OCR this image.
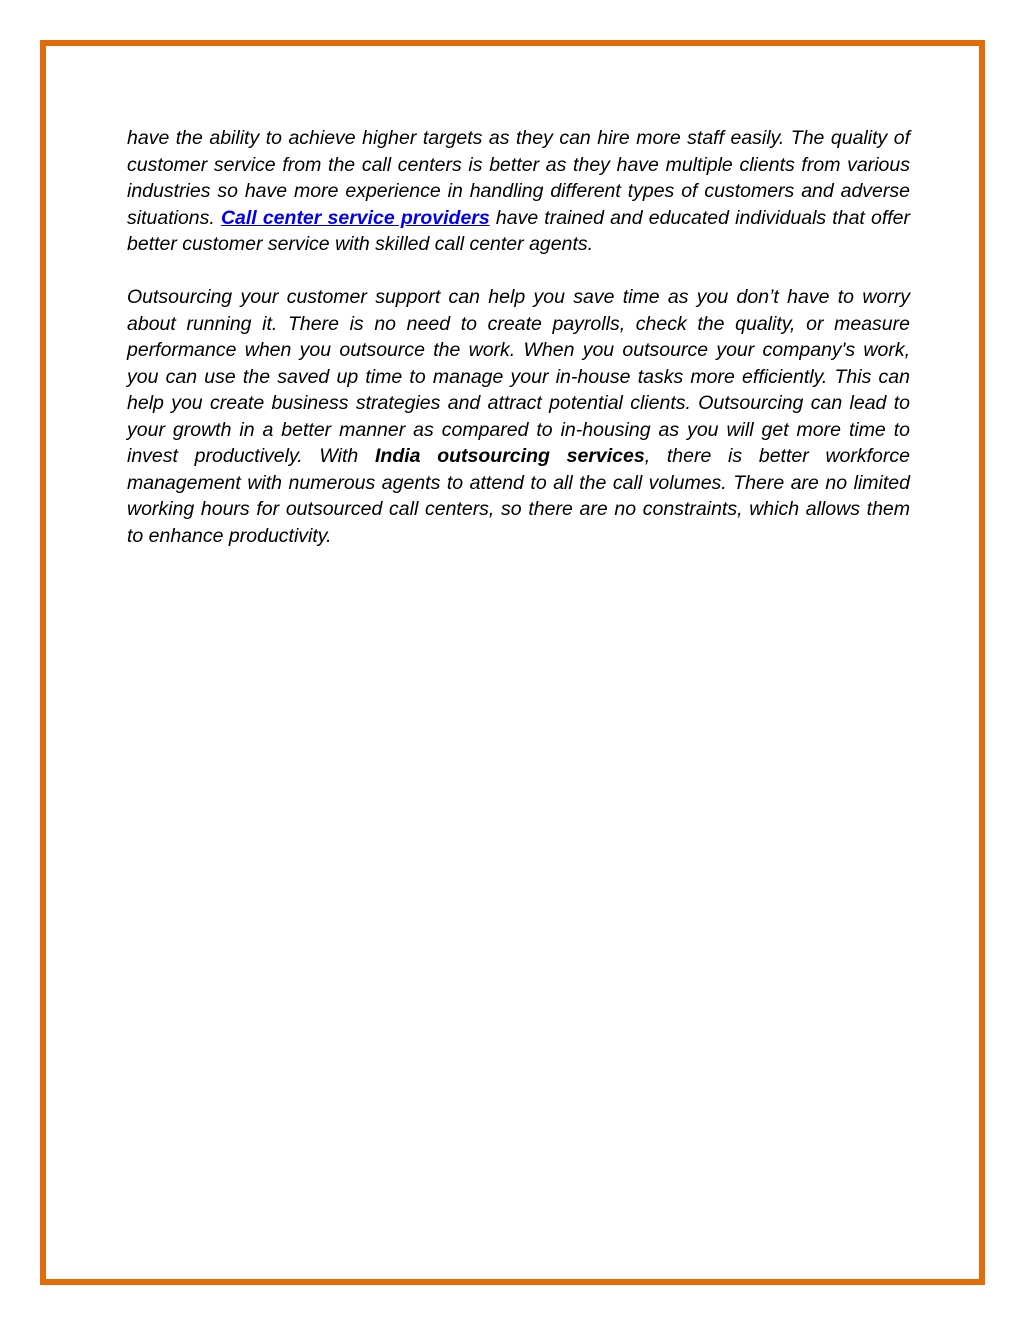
have the ability to achieve higher targets as they can hire more staff easily. The quality of customer service from the call centers is better as they have multiple clients from various industries so have more experience in handling different types of customers and adverse situations. Call center service providers have trained and educated individuals that offer better customer service with skilled call center agents.

Outsourcing your customer support can help you save time as you don’t have to worry about running it. There is no need to create payrolls, check the quality, or measure performance when you outsource the work. When you outsource your company's work, you can use the saved up time to manage your in-house tasks more efficiently. This can help you create business strategies and attract potential clients. Outsourcing can lead to your growth in a better manner as compared to in-housing as you will get more time to invest productively. With India outsourcing services, there is better workforce management with numerous agents to attend to all the call volumes. There are no limited working hours for outsourced call centers, so there are no constraints, which allows them to enhance productivity.
